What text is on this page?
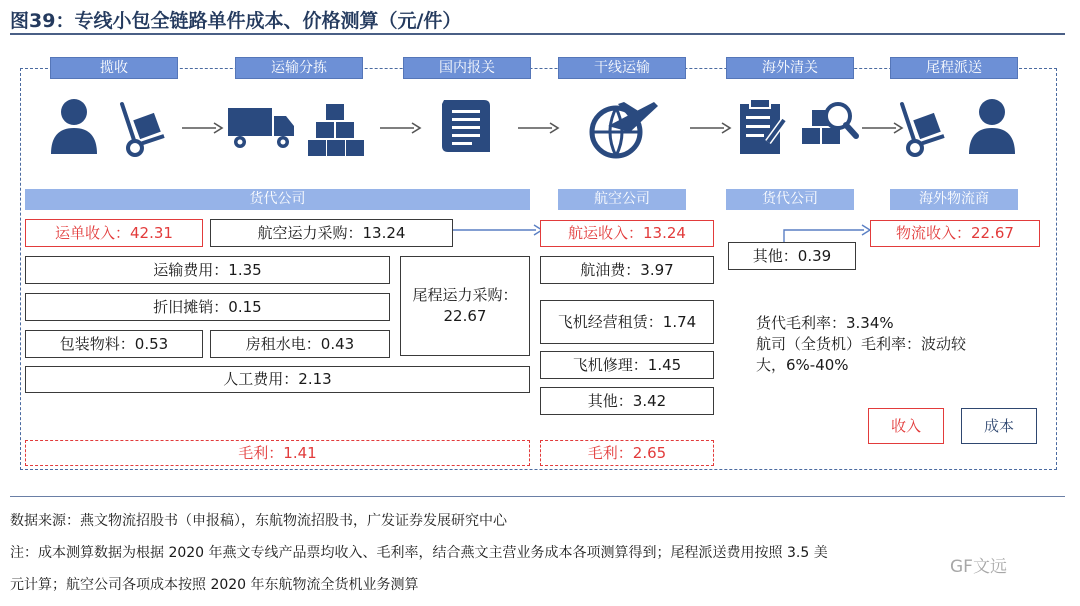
图39：专线小包全链路单件成本、价格测算（元/件）
揽收	运输分拣	国内报关	干线运输	海外清关	尾程派送
货代公司	航空公司	货代公司	海外物流商
运单收入：42.31	航空运力采购：13.24
运输费用：1.35
折旧摊销：0.15
包装物料：0.53	房租水电：0.43
人工费用：2.13
尾程运力采购：22.67
毛利：1.41
航运收入：13.24
航油费：3.97
飞机经营租赁：1.74
飞机修理：1.45
其他：3.42
毛利：2.65
其他：0.39
物流收入：22.67
货代毛利率：3.34%
航司（全货机）毛利率：波动较
大，6%-40%
收入	成本
数据来源：燕文物流招股书（申报稿），东航物流招股书，广发证券发展研究中心
注：成本测算数据为根据 2020 年燕文专线产品票均收入、毛利率，结合燕文主营业务成本各项测算得到；尾程派送费用按照 3.5 美
元计算；航空公司各项成本按照 2020 年东航物流全货机业务测算
GF文远
